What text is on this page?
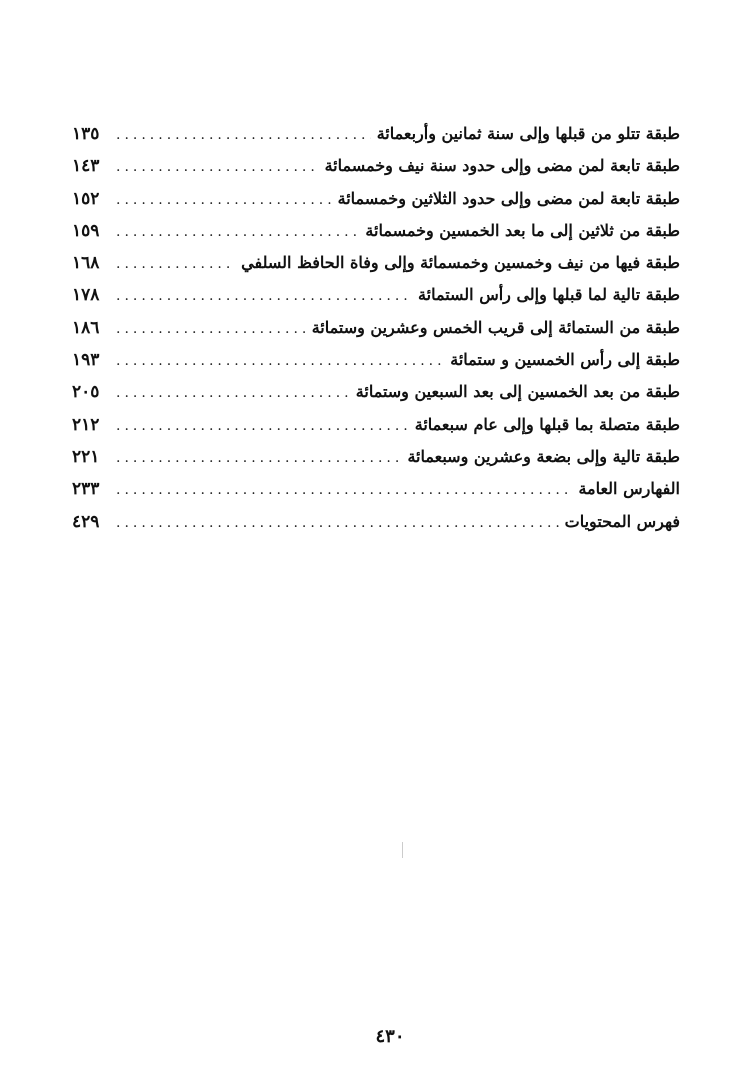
طبقة تتلو من قبلها وإلى سنة ثمانين وأربعمائة
.....
١٣٥
طبقة تابعة لمن مضى وإلى حدود سنة نيف وخمسمائة
.....
١٤٣
طبقة تابعة لمن مضى وإلى حدود الثلاثين وخمسمائة
.....
١٥٢
طبقة من ثلاثين إلى ما بعد الخمسين وخمسمائة
.....
١٥٩
طبقة فيها من نيف وخمسين وخمسمائة وإلى وفاة الحافظ السلفي
.....
١٦٨
طبقة تالية لما قبلها وإلى رأس الستمائة
.....
١٧٨
طبقة من الستمائة إلى قريب الخمس وعشرين وستمائة
.....
١٨٦
طبقة إلى رأس الخمسين و ستمائة
.....
١٩٣
طبقة من بعد الخمسين إلى بعد السبعين وستمائة
.....
٢٠٥
طبقة متصلة بما قبلها وإلى عام سبعمائة
.....
٢١٢
طبقة تالية وإلى بضعة وعشرين وسبعمائة
.....
٢٢١
الفهارس العامة
.....
٢٣٣
فهرس المحتويات
.....
٤٢٩
٤٣٠
